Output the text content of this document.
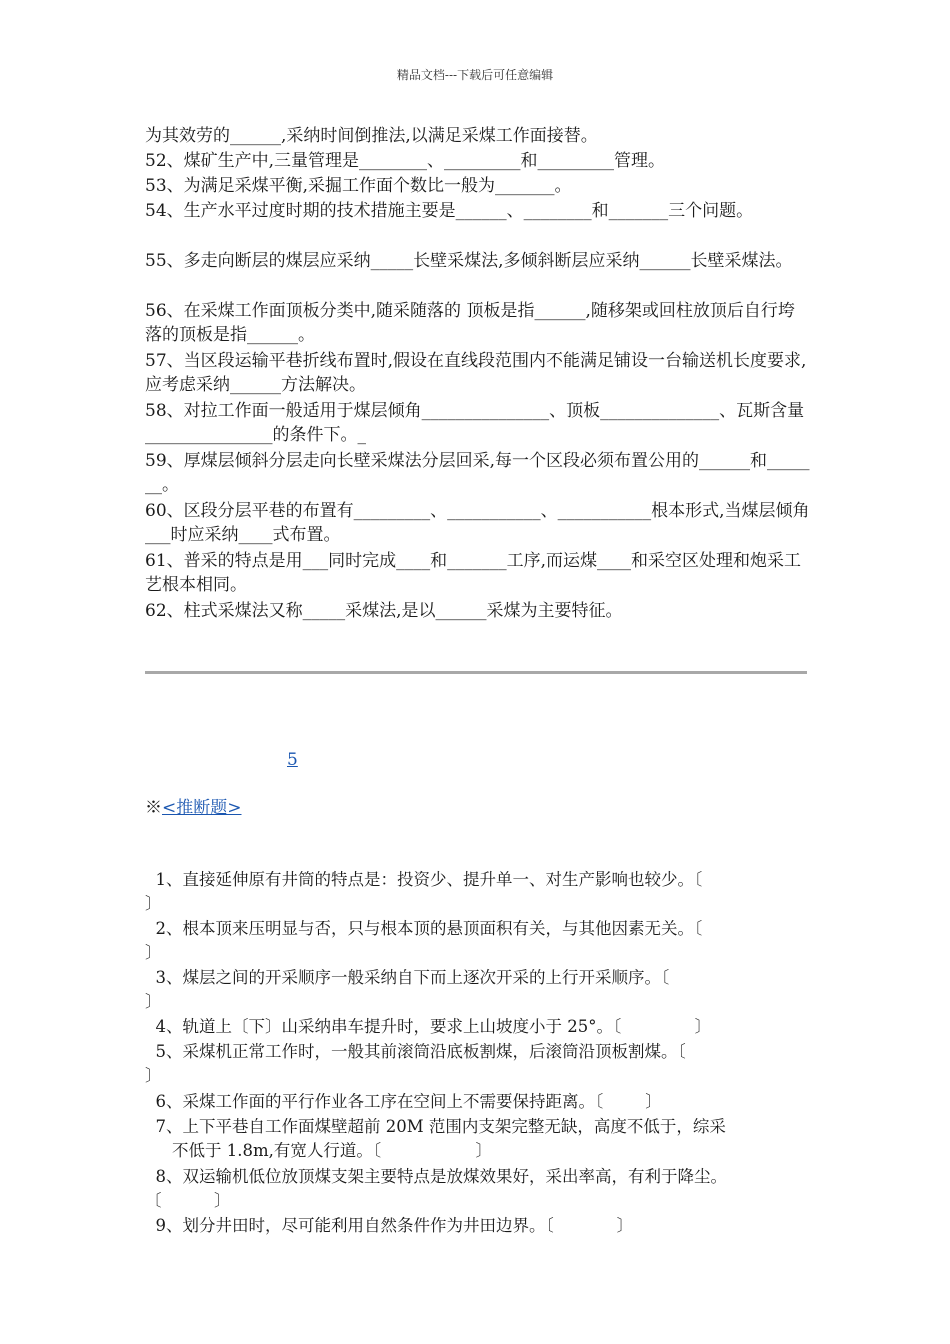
精品文档---下载后可任意编辑
为其效劳的______,采纳时间倒推法,以满足采煤工作面接替。
52、煤矿生产中,三量管理是________、_________和_________管理。
53、为满足采煤平衡,采掘工作面个数比一般为_______。
54、生产水平过度时期的技术措施主要是______、________和_______三个问题。
55、多走向断层的煤层应采纳_____长壁采煤法,多倾斜断层应采纳______长壁采煤法。
56、在采煤工作面顶板分类中,随采随落的 顶板是指______,随移架或回柱放顶后自行垮落的顶板是指______。
57、当区段运输平巷折线布置时,假设在直线段范围内不能满足铺设一台输送机长度要求,应考虑采纳______方法解决。
58、对拉工作面一般适用于煤层倾角_______________、顶板______________、瓦斯含量_______________的条件下。_
59、厚煤层倾斜分层走向长壁采煤法分层回采,每一个区段必须布置公用的______和_______。
60、区段分层平巷的布置有_________、___________、___________根本形式,当煤层倾角___时应采纳____式布置。
61、普采的特点是用___同时完成____和_______工序,而运煤____和采空区处理和炮采工艺根本相同。
62、柱式采煤法又称_____采煤法,是以______采煤为主要特征。
5
※<推断题>

1、直接延伸原有井筒的特点是：投资少、提升单一、对生产影响也较少。〔
〕

2、根本顶来压明显与否，只与根本顶的悬顶面积有关，与其他因素无关。〔
〕

3、煤层之间的开采顺序一般采纳自下而上逐次开采的上行开采顺序。〔
〕

4、轨道上〔下〕山采纳串车提升时，要求上山坡度小于 25°。〔              〕

5、采煤机正常工作时，一般其前滚筒沿底板割煤，后滚筒沿顶板割煤。〔
〕

6、采煤工作面的平行作业各工序在空间上不需要保持距离。〔        〕

7、上下平巷自工作面煤壁超前 20M 范围内支架完整无缺，高度不低于，综采
不低于 1.8m,有宽人行道。〔                  〕

8、双运输机低位放顶煤支架主要特点是放煤效果好，采出率高，有利于降尘。
〔          〕

9、划分井田时，尽可能利用自然条件作为井田边界。〔            〕
